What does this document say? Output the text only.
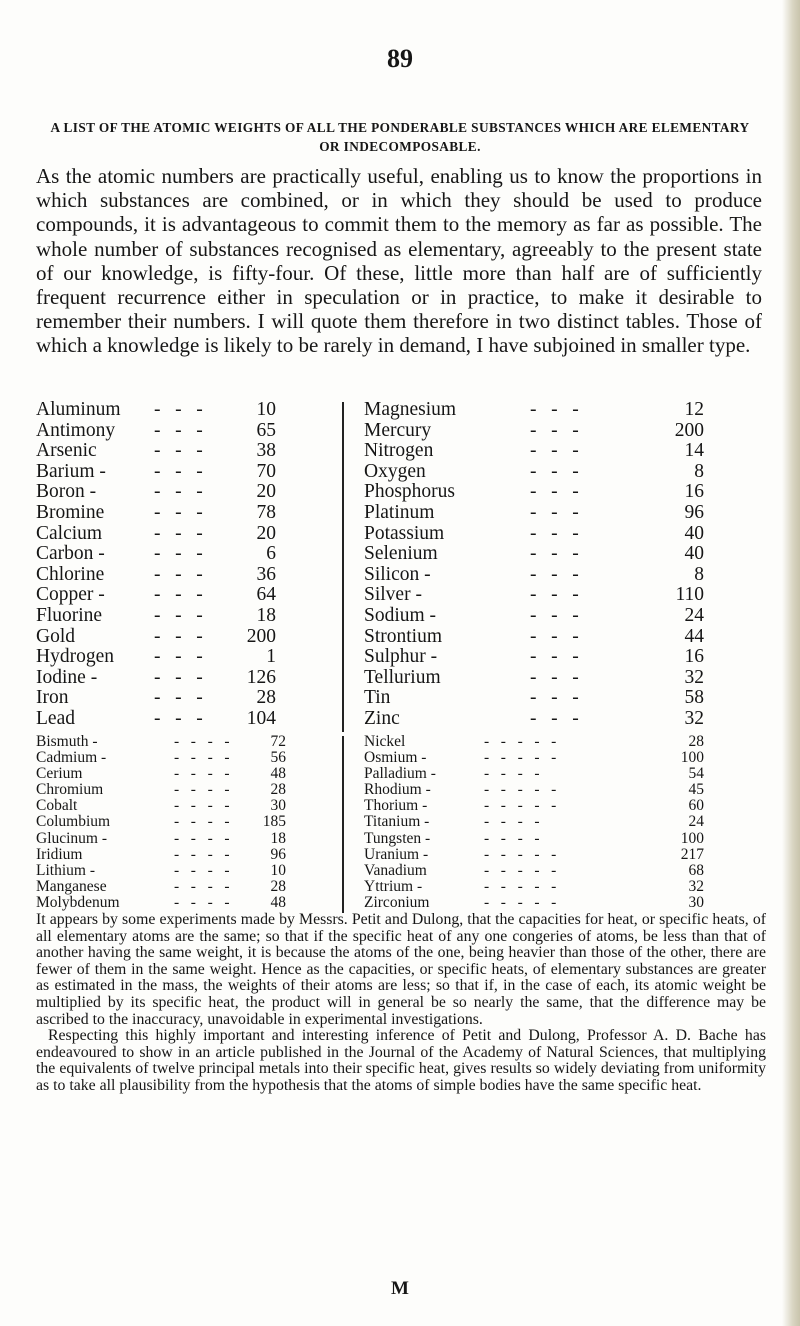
89
A LIST OF THE ATOMIC WEIGHTS OF ALL THE PONDERABLE SUBSTANCES WHICH ARE ELEMENTARY OR INDECOMPOSABLE.

As the atomic numbers are practically useful, enabling us to know the proportions in which substances are combined, or in which they should be used to produce compounds, it is advantageous to commit them to the memory as far as possible. The whole number of substances recognised as elementary, agreeably to the present state of our knowledge, is fifty-four. Of these, little more than half are of sufficiently frequent recurrence either in speculation or in practice, to make it desirable to remember their numbers. I will quote them therefore in two distinct tables. Those of which a knowledge is likely to be rarely in demand, I have subjoined in smaller type.

Aluminum -   -   -	10
Antimony -   -   -	65
Arsenic	-   -   -	38
Barium - -   -   -	70
Boron -	-   -   -	20
Bromine	-   -   -	78
Calcium	-   -   -	20
Carbon -	-   -   -	6
Chlorine	-   -   -	36
Copper -	-   -   -	64
Fluorine	-   -   -	18
Gold	-   -   - 200
Hydrogen -   -   -	1
Iodine -	-   -   - 126
Iron	-   -   -	28
Lead	-   -   - 104
Magnesium	-   -   -	12
Mercury	-   -   -	200
Nitrogen	-   -   -	14
Oxygen	-   -   -	8
Phosphorus	-   -   -	16
Platinum	-   -   -	96
Potassium	-   -   -	40
Selenium	-   -   -	40
Silicon -	-   -   -	8
Silver -	-   -   -	110
Sodium -	-   -   -	24
Strontium	-   -   -	44
Sulphur -	-   -   -	16
Tellurium	-   -   -	32
Tin	-   -   -	58
Zinc	-   -   -	32
Bismuth -	-   -   -   -	72
Cadmium -	-   -   -   -	56
Cerium	-   -   -   -	48
Chromium	-   -   -   -	28
Cobalt	-   -   -   -	30
Columbium	-   -   -   - 185
Glucinum -	-   -   -   -	18
Iridium	-   -   -   -	96
Lithium -	-   -   -   -	10
Manganese	-   -   -   -	28
Molybdenum	-   -   -   -	48
Nickel	-   -   -   -   -	28
Osmium -	-   -   -   -   -	100
Palladium -	-   -   -   -	54
Rhodium -	-   -   -   -   -	45
Thorium -	-   -   -   -   -	60
Titanium -	-   -   -   -	24
Tungsten -	-   -   -   -	100
Uranium -	-   -   -   -   -	217
Vanadium	-   -   -   -   -	68
Yttrium -	-   -   -   -   -	32
Zirconium	-   -   -   -   -	30

It appears by some experiments made by Messrs. Petit and Dulong, that the capacities for heat, or specific heats, of all elementary atoms are the same; so that if the specific heat of any one congeries of atoms, be less than that of another having the same weight, it is because the atoms of the one, being heavier than those of the other, there are fewer of them in the same weight. Hence as the capacities, or specific heats, of elementary substances are greater as estimated in the mass, the weights of their atoms are less; so that if, in the case of each, its atomic weight be multiplied by its specific heat, the product will in general be so nearly the same, that the difference may be ascribed to the inaccuracy, unavoidable in experimental investigations.

Respecting this highly important and interesting inference of Petit and Dulong, Professor A. D. Bache has endeavoured to show in an article published in the Journal of the Academy of Natural Sciences, that multiplying the equivalents of twelve principal metals into their specific heat, gives results so widely deviating from uniformity as to take all plausibility from the hypothesis that the atoms of simple bodies have the same specific heat.

M
